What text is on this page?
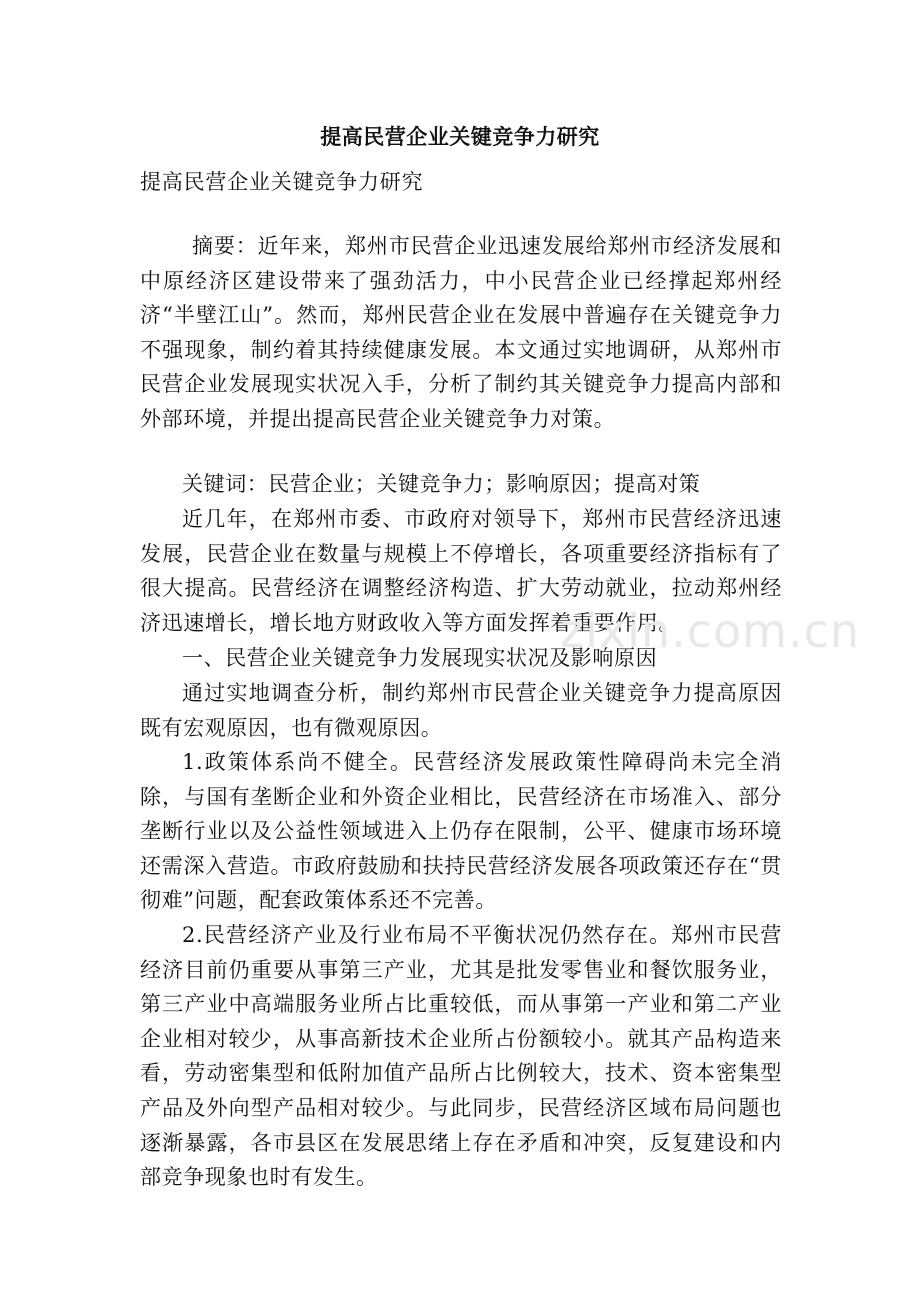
提高民营企业关键竞争力研究
提高民营企业关键竞争力研究

摘要：近年来，郑州市民营企业迅速发展给郑州市经济发展和中原经济区建设带来了强劲活力，中小民营企业已经撑起郑州经济“半壁江山”。然而，郑州民营企业在发展中普遍存在关键竞争力不强现象，制约着其持续健康发展。本文通过实地调研，从郑州市民营企业发展现实状况入手，分析了制约其关键竞争力提高内部和外部环境，并提出提高民营企业关键竞争力对策。

关键词：民营企业；关键竞争力；影响原因；提高对策

近几年，在郑州市委、市政府对领导下，郑州市民营经济迅速发展，民营企业在数量与规模上不停增长，各项重要经济指标有了很大提高。民营经济在调整经济构造、扩大劳动就业，拉动郑州经济迅速增长，增长地方财政收入等方面发挥着重要作用。

一、民营企业关键竞争力发展现实状况及影响原因

通过实地调查分析，制约郑州市民营企业关键竞争力提高原因既有宏观原因，也有微观原因。

1.政策体系尚不健全。民营经济发展政策性障碍尚未完全消除，与国有垄断企业和外资企业相比，民营经济在市场准入、部分垄断行业以及公益性领域进入上仍存在限制，公平、健康市场环境还需深入营造。市政府鼓励和扶持民营经济发展各项政策还存在“贯彻难”问题，配套政策体系还不完善。

2.民营经济产业及行业布局不平衡状况仍然存在。郑州市民营经济目前仍重要从事第三产业，尤其是批发零售业和餐饮服务业，第三产业中高端服务业所占比重较低，而从事第一产业和第二产业企业相对较少，从事高新技术企业所占份额较小。就其产品构造来看，劳动密集型和低附加值产品所占比例较大，技术、资本密集型产品及外向型产品相对较少。与此同步，民营经济区域布局问题也逐渐暴露，各市县区在发展思绪上存在矛盾和冲突，反复建设和内部竞争现象也时有发生。

zixin.com.cn
